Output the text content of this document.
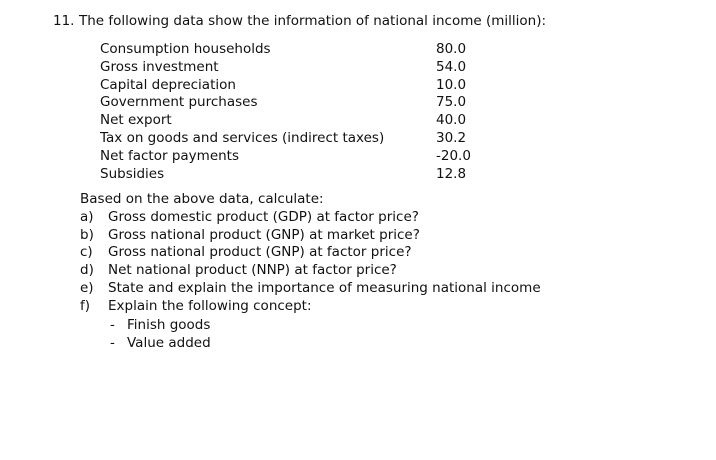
11. The following data show the information of national income (million):
Consumption households	80.0
Gross investment	54.0
Capital depreciation	10.0
Government purchases	75.0
Net export	40.0
Tax on goods and services (indirect taxes)	30.2
Net factor payments	-20.0
Subsidies	12.8
Based on the above data, calculate:
a) Gross domestic product (GDP) at factor price?
b) Gross national product (GNP) at market price?
c) Gross national product (GNP) at factor price?
d) Net national product (NNP) at factor price?
e) State and explain the importance of measuring national income
f) Explain the following concept:
- Finish goods
- Value added
